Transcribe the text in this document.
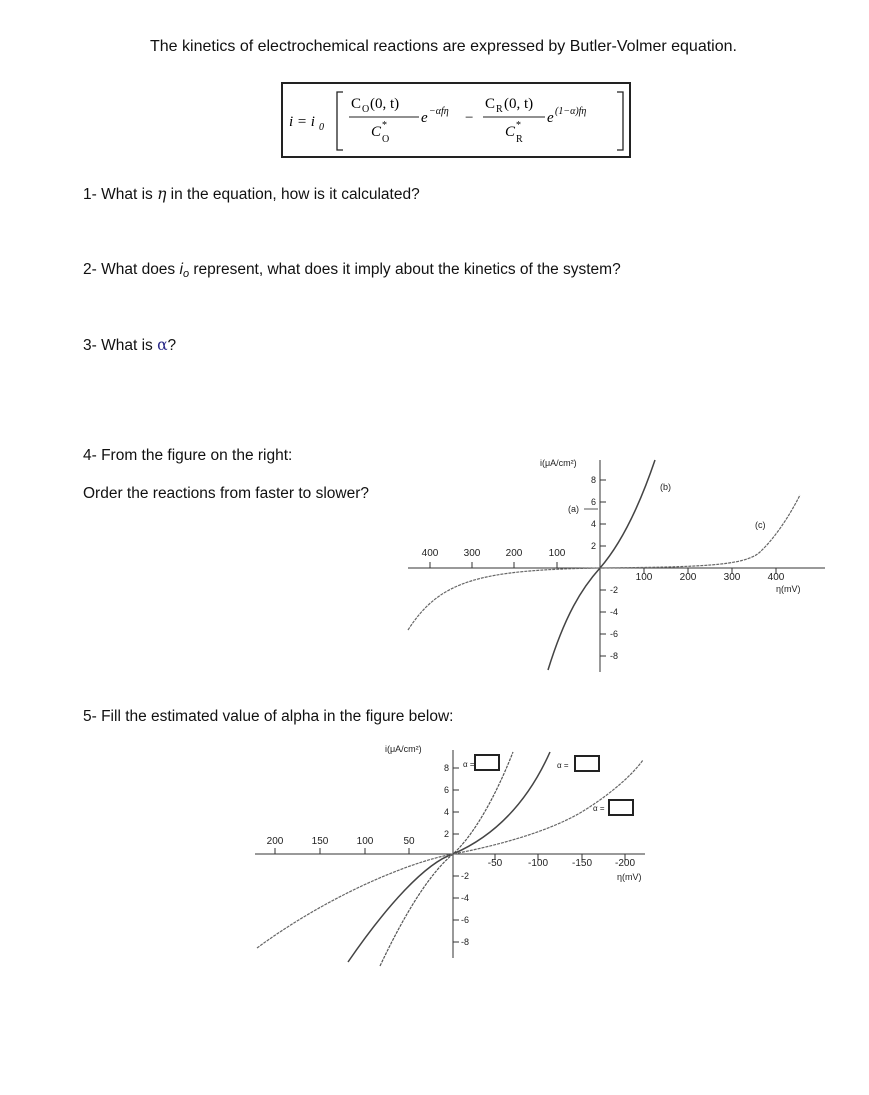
The kinetics of electrochemical reactions are expressed by Butler-Volmer equation.
i = i 0
C O (0, t)
C *
O
e −αfη −
C R (0, t)
C *
R
e (1−α)fη
1- What is η in the equation, how is it calculated?
2- What does io represent, what does it imply about the kinetics of the system?
3- What is α?
4- From the figure on the right:
Order the reactions from faster to slower?
5- Fill the estimated value of alpha in the figure below:
8
6
4
2
-2
-4
-6
-8
400	300	200	100
100	200	300	400
i(μA/cm²)
η(mV)
(a)
(b)
(c)
8
6
4
2
-2
-4
-6
-8
200	150	100	50
-50	-100 -150 -200
i(μA/cm²)
η(mV)
α =	α =
α =
